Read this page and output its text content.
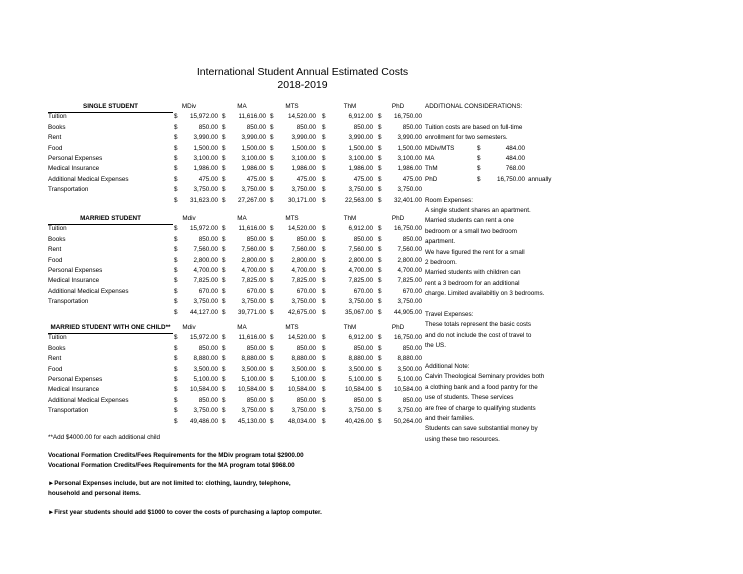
International Student Annual Estimated Costs
2018-2019
SINGLE STUDENT	MDiv	MA	MTS	ThM	PhD
Tuition	$	15,972.00 $	11,616.00 $	14,520.00 $	6,912.00 $	16,750.00
Books	$	850.00 $	850.00 $	850.00 $	850.00 $	850.00
Rent	$	3,990.00 $	3,990.00 $	3,990.00 $	3,990.00 $	3,990.00
Food	$	1,500.00 $	1,500.00 $	1,500.00 $	1,500.00 $	1,500.00
Personal Expenses	$	3,100.00 $	3,100.00 $	3,100.00 $	3,100.00 $	3,100.00
Medical Insurance	$	1,986.00 $	1,986.00 $	1,986.00 $	1,986.00 $	1,986.00
Additional Medical Expenses	$	475.00 $	475.00 $	475.00 $	475.00 $	475.00
Transportation	$	3,750.00 $	3,750.00 $	3,750.00 $	3,750.00 $	3,750.00
$	31,623.00 $	27,267.00 $	30,171.00 $	22,563.00 $	32,401.00
MARRIED STUDENT	Mdiv	MA	MTS	ThM	PhD
Tuition	$	15,972.00 $	11,616.00 $	14,520.00 $	6,912.00 $	16,750.00
Books	$	850.00 $	850.00 $	850.00 $	850.00 $	850.00
Rent	$	7,560.00 $	7,560.00 $	7,560.00 $	7,560.00 $	7,560.00
Food	$	2,800.00 $	2,800.00 $	2,800.00 $	2,800.00 $	2,800.00
Personal Expenses	$	4,700.00 $	4,700.00 $	4,700.00 $	4,700.00 $	4,700.00
Medical Insurance	$	7,825.00 $	7,825.00 $	7,825.00 $	7,825.00 $	7,825.00
Additional Medical Expenses	$	670.00 $	670.00 $	670.00 $	670.00 $	670.00
Transportation	$	3,750.00 $	3,750.00 $	3,750.00 $	3,750.00 $	3,750.00
$	44,127.00 $	39,771.00 $	42,675.00 $	35,067.00 $	44,905.00
MARRIED STUDENT WITH ONE CHILD**	Mdiv	MA	MTS	ThM	PhD
Tuition	$	15,972.00 $	11,616.00 $	14,520.00 $	6,912.00 $	16,750.00
Books	$	850.00 $	850.00 $	850.00 $	850.00 $	850.00
Rent	$	8,880.00 $	8,880.00 $	8,880.00 $	8,880.00 $	8,880.00
Food	$	3,500.00 $	3,500.00 $	3,500.00 $	3,500.00 $	3,500.00
Personal Expenses	$	5,100.00 $	5,100.00 $	5,100.00 $	5,100.00 $	5,100.00
Medical Insurance	$	10,584.00 $	10,584.00 $	10,584.00 $	10,584.00 $	10,584.00
Additional Medical Expenses	$	850.00 $	850.00 $	850.00 $	850.00 $	850.00
Transportation	$	3,750.00 $	3,750.00 $	3,750.00 $	3,750.00 $	3,750.00
$	49,486.00 $	45,130.00 $	48,034.00 $	40,426.00 $	50,264.00
ADDITIONAL CONSIDERATIONS:
Tuition costs are based on full-time
enrollment for two semesters.
MDiv/MTS	$	484.00
MA	$	484.00
ThM	$	768.00
PhD	$	16,750.00 annually
Room Expenses:
A single student shares an apartment.
Married students can rent a one
bedroom or a small two bedroom
apartment.
We have figured the rent for a small
2 bedroom.
Married students with children can
rent a 3 bedroom for an additional
charge. Limited availabiltiy on 3 bedrooms.
Travel Expenses:
These totals represent the basic costs
and do not include the cost of travel to
the US.
Additional Note:
Calvin Theological Seminary provides both
a clothing bank and a food pantry for the
use of students. These services
are free of charge to qualifying students
and their families.
Students can save substantial money by
using these two resources.
**Add $4000.00 for each additional child
Vocational Formation Credits/Fees Requirements for the MDiv program total $2900.00
Vocational Formation Credits/Fees Requirements for the MA program total $968.00
►Personal Expenses include, but are not limited to: clothing, laundry, telephone,
household and personal items.
►First year students should add $1000 to cover the costs of purchasing a laptop computer.
